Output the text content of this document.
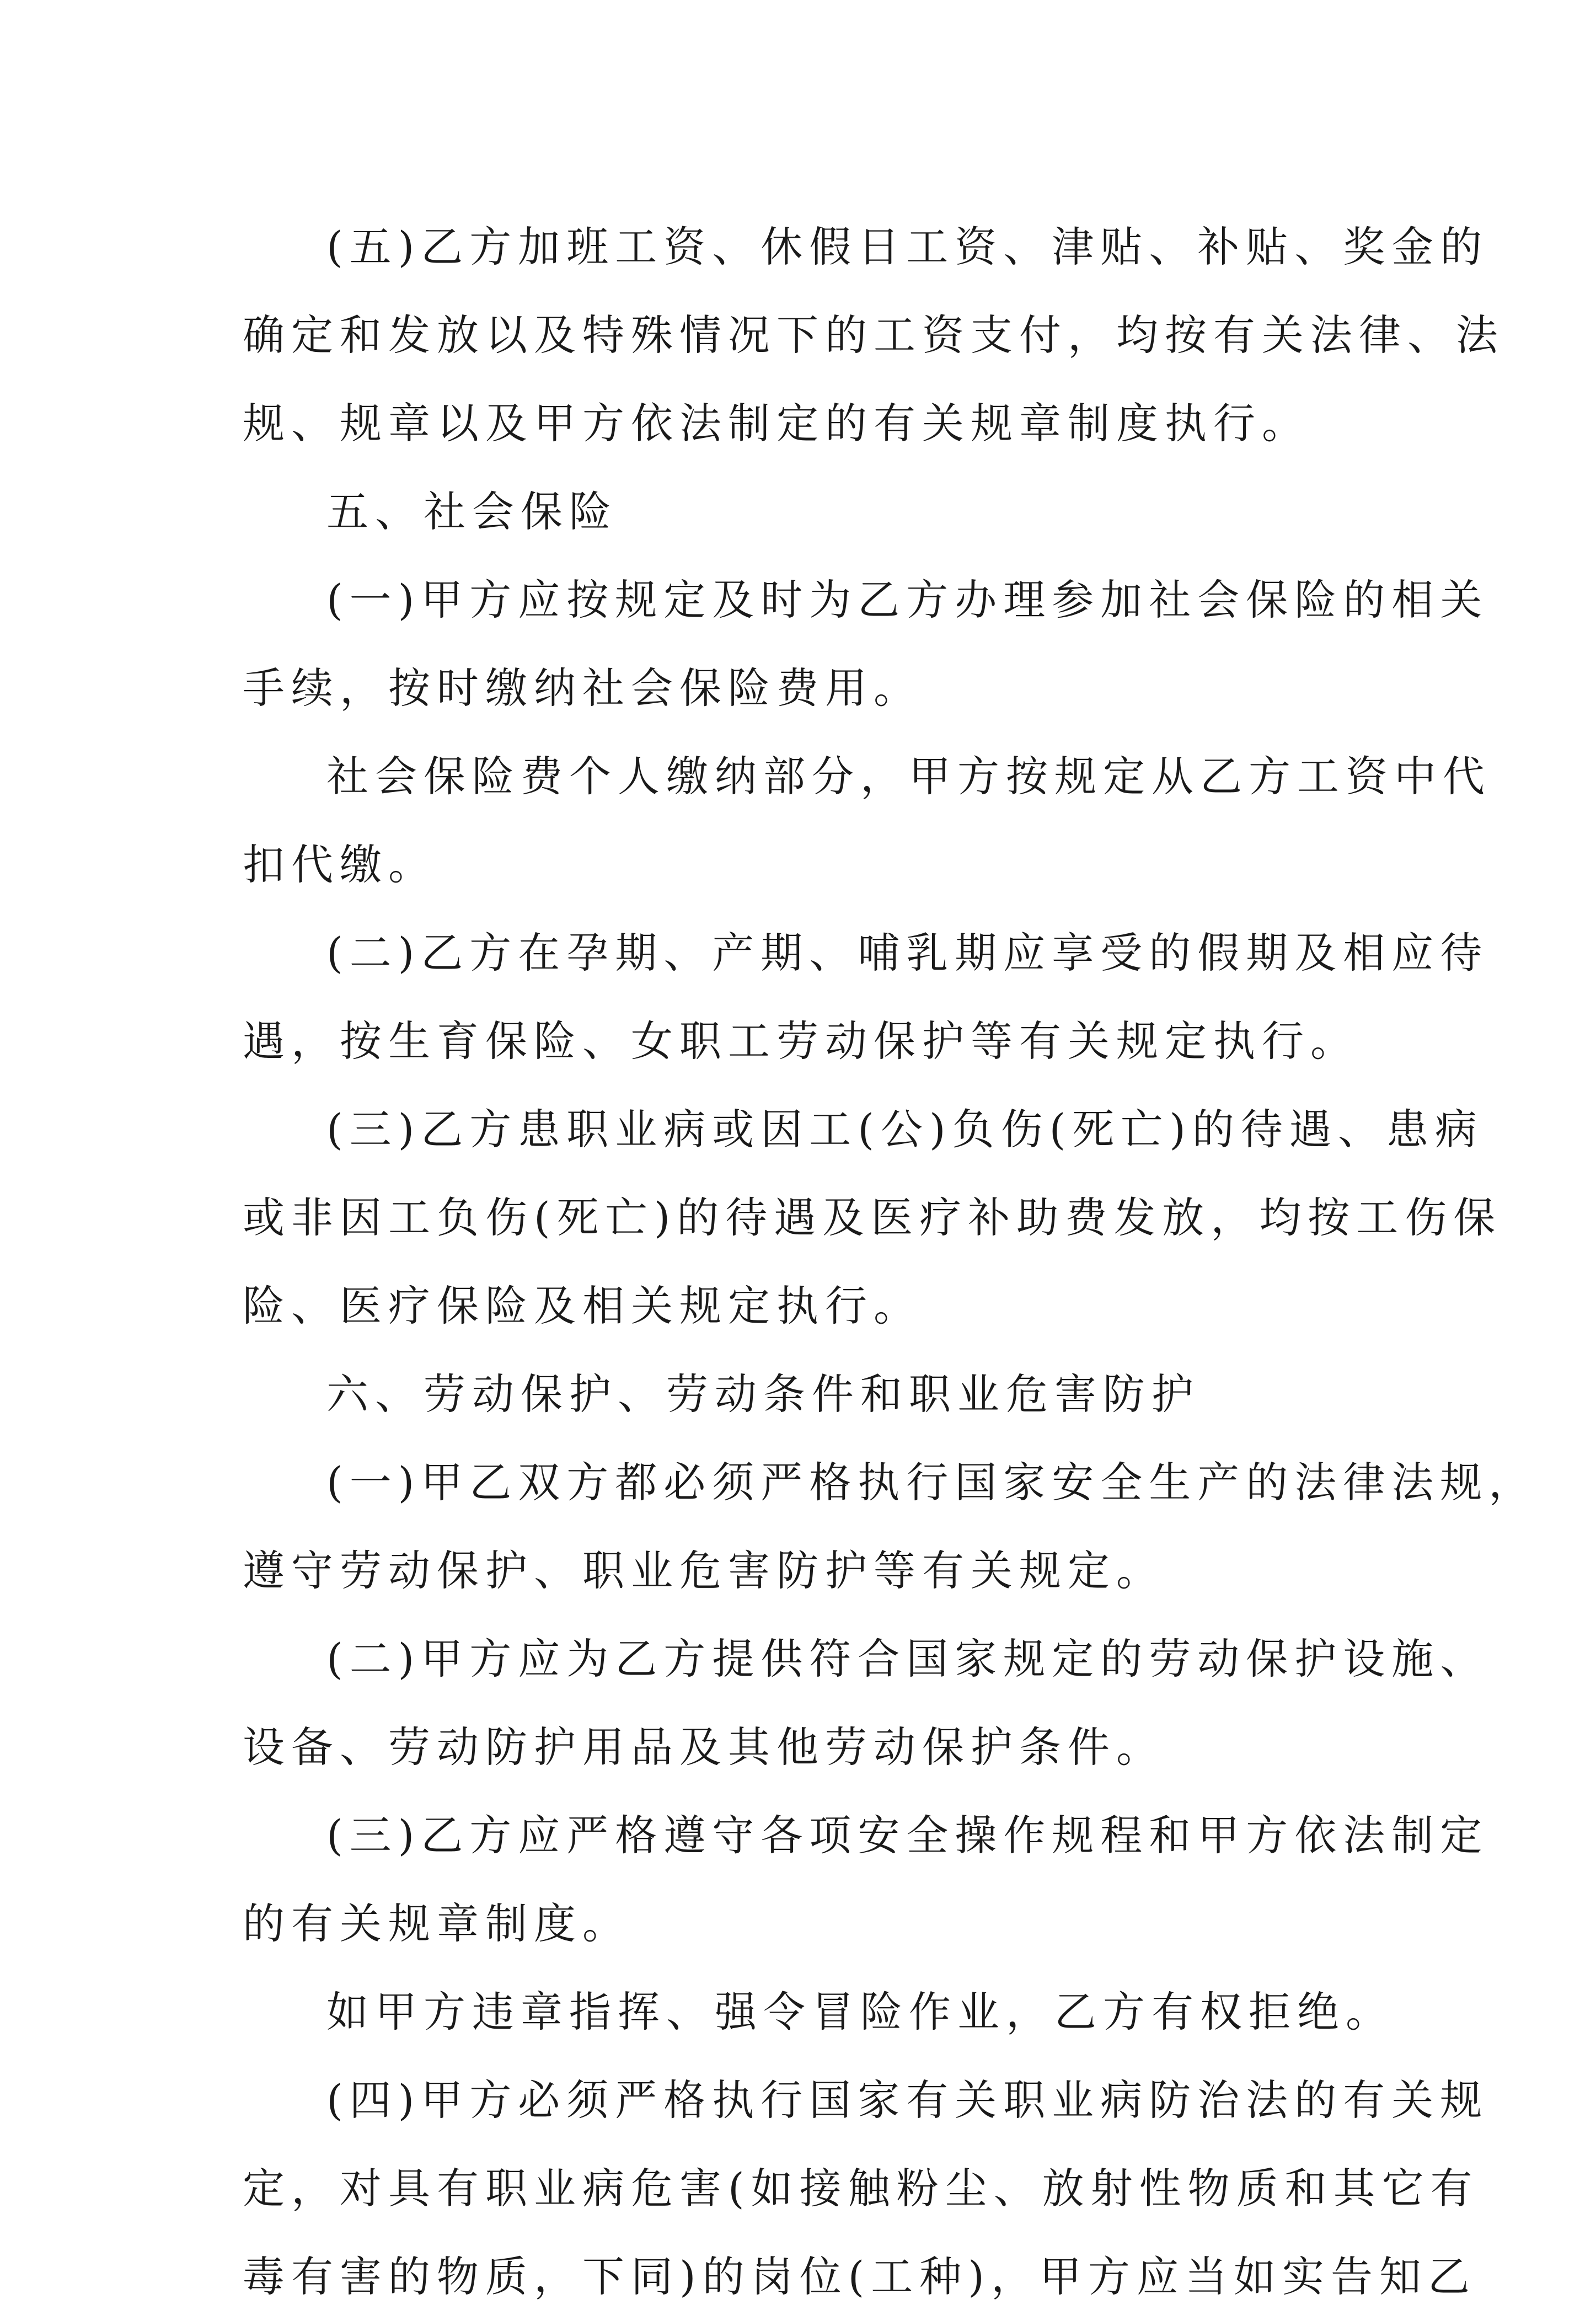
(五)乙方加班工资、休假日工资、津贴、补贴、奖金的
确定和发放以及特殊情况下的工资支付，均按有关法律、法
规、规章以及甲方依法制定的有关规章制度执行。
五、社会保险
(一)甲方应按规定及时为乙方办理参加社会保险的相关
手续，按时缴纳社会保险费用。
社会保险费个人缴纳部分，甲方按规定从乙方工资中代
扣代缴。
(二)乙方在孕期、产期、哺乳期应享受的假期及相应待
遇，按生育保险、女职工劳动保护等有关规定执行。
(三)乙方患职业病或因工(公)负伤(死亡)的待遇、患病
或非因工负伤(死亡)的待遇及医疗补助费发放，均按工伤保
险、医疗保险及相关规定执行。
六、劳动保护、劳动条件和职业危害防护
(一)甲乙双方都必须严格执行国家安全生产的法律法规，
遵守劳动保护、职业危害防护等有关规定。
(二)甲方应为乙方提供符合国家规定的劳动保护设施、
设备、劳动防护用品及其他劳动保护条件。
(三)乙方应严格遵守各项安全操作规程和甲方依法制定
的有关规章制度。
如甲方违章指挥、强令冒险作业，乙方有权拒绝。
(四)甲方必须严格执行国家有关职业病防治法的有关规
定，对具有职业病危害(如接触粉尘、放射性物质和其它有
毒有害的物质，下同)的岗位(工种)，甲方应当如实告知乙
